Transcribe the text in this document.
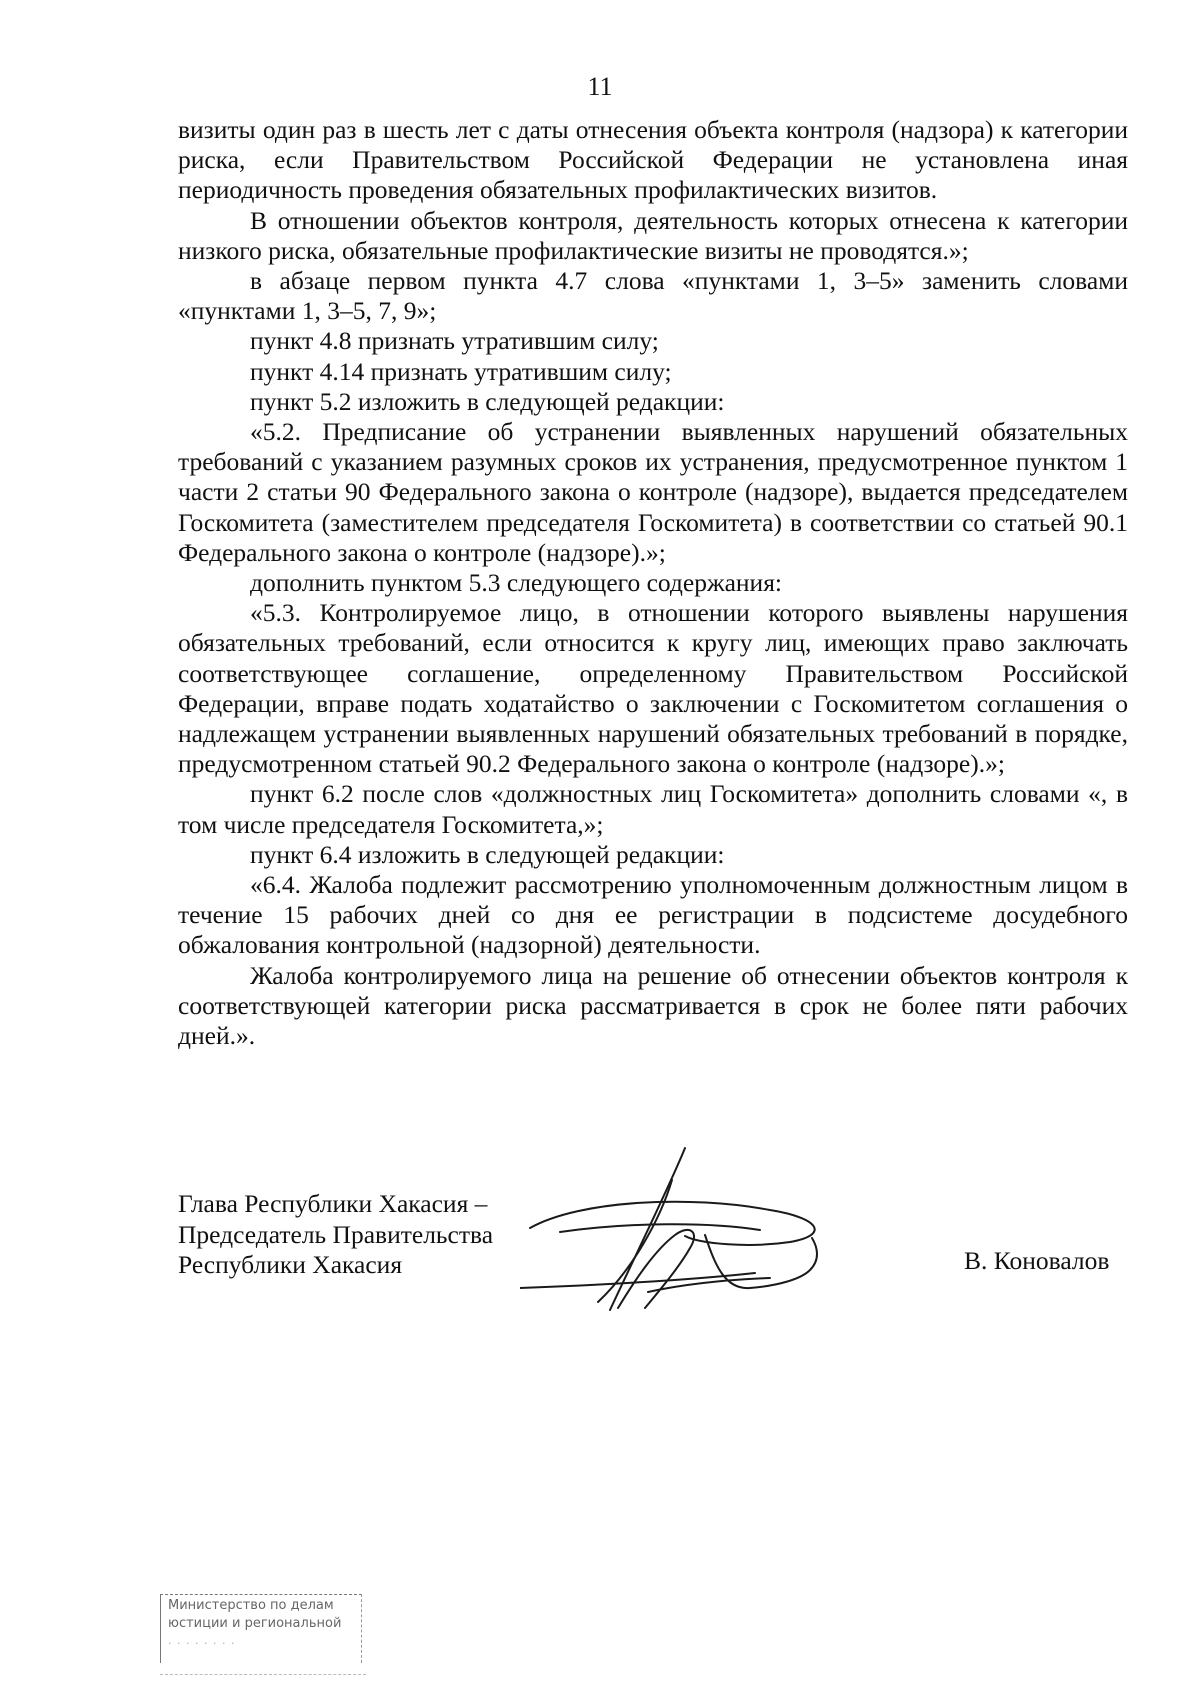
11

визиты один раз в шесть лет с даты отнесения объекта контроля (надзора) к категории риска, если Правительством Российской Федерации не установлена иная периодичность проведения обязательных профилактических визитов.

В отношении объектов контроля, деятельность которых отнесена к категории низкого риска, обязательные профилактические визиты не проводятся.»;

в абзаце первом пункта 4.7 слова «пунктами 1, 3–5» заменить словами «пунктами 1, 3–5, 7, 9»;

пункт 4.8 признать утратившим силу;

пункт 4.14 признать утратившим силу;

пункт 5.2 изложить в следующей редакции:

«5.2. Предписание об устранении выявленных нарушений обязательных требований с указанием разумных сроков их устранения, предусмотренное пунктом 1 части 2 статьи 90 Федерального закона о контроле (надзоре), выдается председателем Госкомитета (заместителем председателя Госкомитета) в соответствии со статьей 90.1 Федерального закона о контроле (надзоре).»;

дополнить пунктом 5.3 следующего содержания:

«5.3. Контролируемое лицо, в отношении которого выявлены нарушения обязательных требований, если относится к кругу лиц, имеющих право заключать соответствующее соглашение, определенному Правительством Российской Федерации, вправе подать ходатайство о заключении с Госкомитетом соглашения о надлежащем устранении выявленных нарушений обязательных требований в порядке, предусмотренном статьей 90.2 Федерального закона о контроле (надзоре).»;

пункт 6.2 после слов «должностных лиц Госкомитета» дополнить словами «, в том числе председателя Госкомитета,»;

пункт 6.4 изложить в следующей редакции:

«6.4. Жалоба подлежит рассмотрению уполномоченным должностным лицом в течение 15 рабочих дней со дня ее регистрации в подсистеме досудебного обжалования контрольной (надзорной) деятельности.

Жалоба контролируемого лица на решение об отнесении объектов контроля к соответствующей категории риска рассматривается в срок не более пяти рабочих дней.».

Глава Республики Хакасия –
Председатель Правительства
Республики Хакасия	В. Коновалов
Министерство по делам
юстиции и региональной
· · · · · · · ·
